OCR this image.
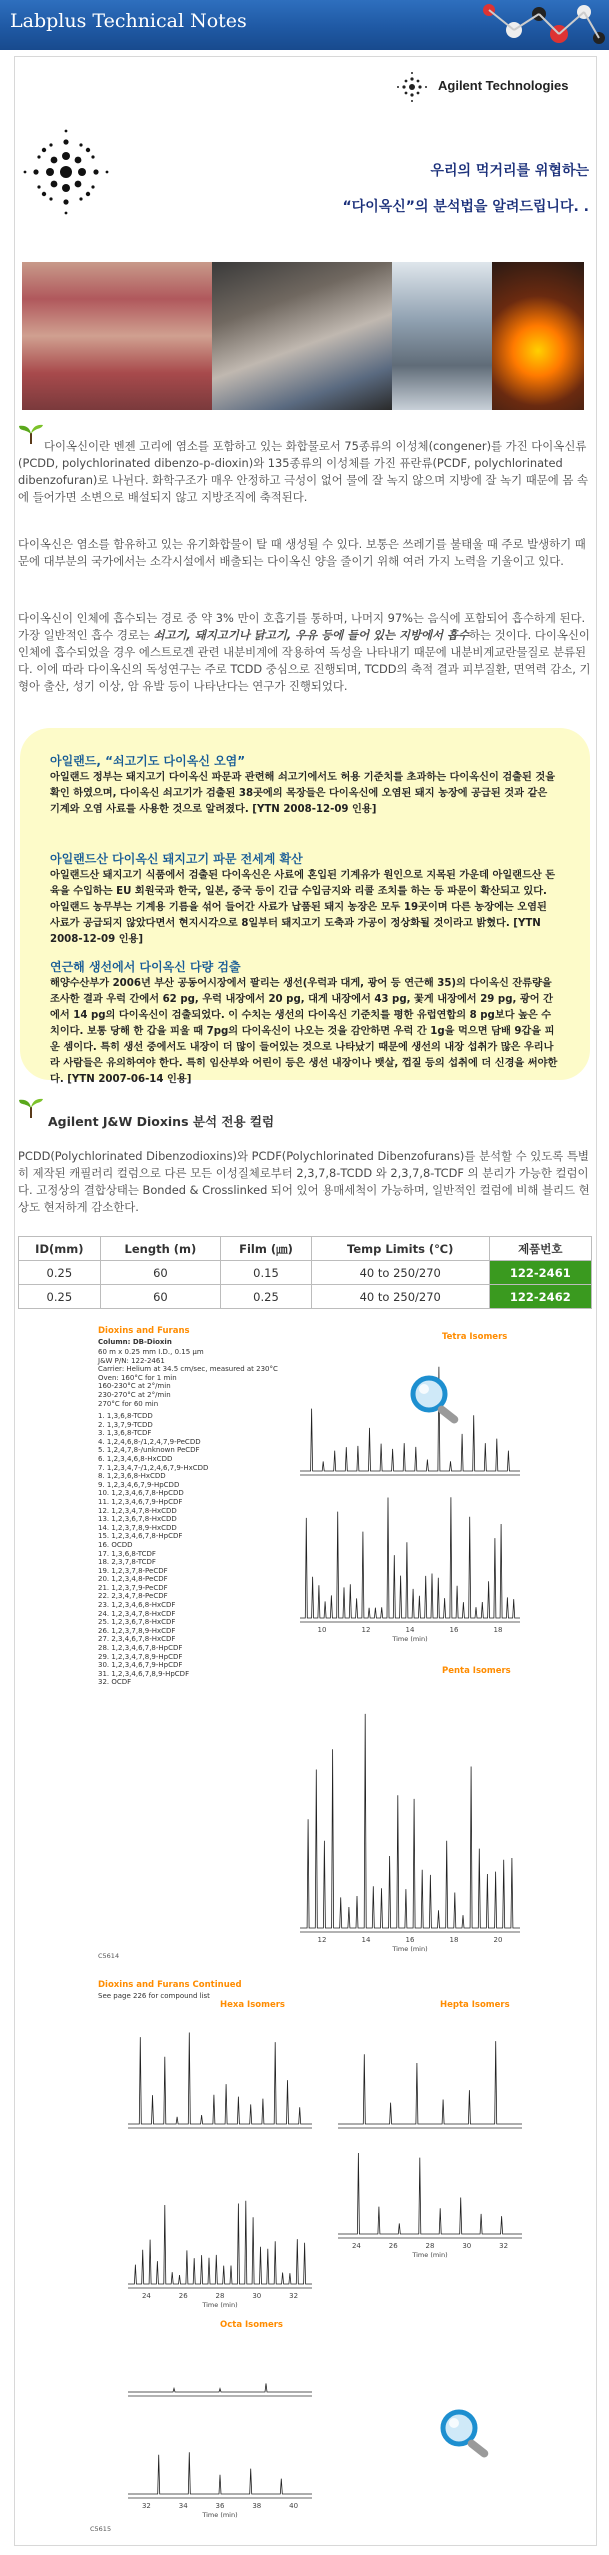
Labplus Technical Notes
Agilent Technologies
우리의 먹거리를 위협하는
“다이옥신”의 분석법을 알려드립니다. .
다이옥신이란 벤젠 고리에 염소를 포함하고 있는 화합물로서 75종류의 이성체(congener)를 가진 다이옥신류(PCDD, polychlorinated dibenzo-p-dioxin)와 135종류의 이성체를 가진 퓨란류(PCDF, polychlorinated dibenzofuran)로 나뉜다. 화학구조가 매우 안정하고 극성이 없어 물에 잘 녹지 않으며 지방에 잘 녹기 때문에 몸 속에 들어가면 소변으로 배설되지 않고 지방조직에 축적된다.
다이옥신은 염소를 함유하고 있는 유기화합물이 탈 때 생성될 수 있다. 보통은 쓰레기를 불태울 때 주로 발생하기 때문에 대부분의 국가에서는 소각시설에서 배출되는 다이옥신 양을 줄이기 위해 여러 가지 노력을 기울이고 있다.
다이옥신이 인체에 흡수되는 경로 중 약 3% 만이 호흡기를 통하며, 나머지 97%는 음식에 포함되어 흡수하게 된다. 가장 일반적인 흡수 경로는 쇠고기, 돼지고기나 닭고기, 우유 등에 들어 있는 지방에서 흡수하는 것이다. 다이옥신이 인체에 흡수되었을 경우 에스트로겐 관련 내분비계에 작용하여 독성을 나타내기 때문에 내분비계교란물질로 분류된다. 이에 따라 다이옥신의 독성연구는 주로 TCDD 중심으로 진행되며, TCDD의 축적 결과 피부질환, 면역력 감소, 기형아 출산, 성기 이상, 암 유발 등이 나타난다는 연구가 진행되었다.
아일랜드, “쇠고기도 다이옥신 오염”
아일랜드 정부는 돼지고기 다이옥신 파문과 관련해 쇠고기에서도 허용 기준치를 초과하는 다이옥신이 검출된 것을 확인 하였으며, 다이옥신 쇠고기가 검출된 38곳에의 목장들은 다이옥신에 오염된 돼지 농장에 공급된 것과 같은 기계와 오염 사료를 사용한 것으로 알려졌다. [YTN 2008-12-09 인용]
아일랜드산 다이옥신 돼지고기 파문 전세계 확산
아일랜드산 돼지고기 식품에서 검출된 다이옥신은 사료에 혼입된 기계유가 원인으로 지목된 가운데 아일랜드산 돈육을 수입하는 EU 회원국과 한국, 일본, 중국 등이 긴급 수입금지와 리콜 조치를 하는 등 파문이 확산되고 있다. 아일랜드 농무부는 기계용 기름을 섞어 들어간 사료가 납품된 돼지 농장은 모두 19곳이며 다른 농장에는 오염된 사료가 공급되지 않았다면서 현지시각으로 8일부터 돼지고기 도축과 가공이 정상화될 것이라고 밝혔다. [YTN 2008-12-09 인용]
연근해 생선에서 다이옥신 다량 검출
해양수산부가 2006년 부산 공동어시장에서 팔리는 생선(우럭과 대게, 광어 등 연근해 35)의 다이옥신 잔류량을 조사한 결과 우럭 간에서 62 pg, 우럭 내장에서 20 pg, 대게 내장에서 43 pg, 꽃게 내장에서 29 pg, 광어 간에서 14 pg의 다이옥신이 검출되었다. 이 수치는 생선의 다이옥신 기준치를 평한 유럽연합의 8 pg보다 높은 수치이다. 보통 당해 한 갑을 피울 때 7pg의 다이옥신이 나오는 것을 감안하면 우럭 간 1g을 먹으면 담배 9갑을 피운 셈이다. 특히 생선 중에서도 내장이 더 많이 들어있는 것으로 나타났기 때문에 생선의 내장 섭취가 많은 우리나라 사람들은 유의하여야 한다. 특히 임산부와 어린이 등은 생선 내장이나 뱃살, 껍질 등의 섭취에 더 신경을 써야한다. [YTN 2007-06-14 인용]
Agilent J&W Dioxins 분석 전용 컬럼
PCDD(Polychlorinated Dibenzodioxins)와 PCDF(Polychlorinated Dibenzofurans)를 분석할 수 있도록 특별히 제작된 캐필러리 컬럼으로 다른 모든 이성질체로부터 2,3,7,8-TCDD 와 2,3,7,8-TCDF 의 분리가 가능한 컬럼이다. 고정상의 결합상태는 Bonded & Crosslinked 되어 있어 용매세척이 가능하며, 일반적인 컬럼에 비해 블리드 현상도 현저하게 감소한다.
ID(mm)	Length (m)	Film (㎛)	Temp Limits (℃)	제품번호
0.25	60	0.15	40 to 250/270	122-2461
0.25	60	0.25	40 to 250/270	122-2462
Dioxins and Furans
Column: DB-Dioxin
60 m x 0.25 mm I.D., 0.15 μm
J&W P/N: 122-2461
Carrier: Helium at 34.5 cm/sec, measured at 230°C
Oven: 160°C for 1 min
160-230°C at 2°/min
230-270°C at 2°/min
270°C for 60 min
1. 1,3,6,8-TCDD
2. 1,3,7,9-TCDD
3. 1,3,6,8-TCDF
4. 1,2,4,6,8-/1,2,4,7,9-PeCDD
5. 1,2,4,7,8-/unknown PeCDF
6. 1,2,3,4,6,8-HxCDD
7. 1,2,3,4,7-/1,2,4,6,7,9-HxCDD
8. 1,2,3,6,8-HxCDD
9. 1,2,3,4,6,7,9-HpCDD
10. 1,2,3,4,6,7,8-HpCDD
11. 1,2,3,4,6,7,9-HpCDF
12. 1,2,3,4,7,8-HxCDD
13. 1,2,3,6,7,8-HxCDD
14. 1,2,3,7,8,9-HxCDD
15. 1,2,3,4,6,7,8-HpCDF
16. OCDD
17. 1,3,6,8-TCDF
18. 2,3,7,8-TCDF
19. 1,2,3,7,8-PeCDF
20. 1,2,3,4,8-PeCDF
21. 1,2,3,7,9-PeCDF
22. 2,3,4,7,8-PeCDF
23. 1,2,3,4,6,8-HxCDF
24. 1,2,3,4,7,8-HxCDF
25. 1,2,3,6,7,8-HxCDF
26. 1,2,3,7,8,9-HxCDF
27. 2,3,4,6,7,8-HxCDF
28. 1,2,3,4,6,7,8-HpCDF
29. 1,2,3,4,7,8,9-HpCDF
30. 1,2,3,4,6,7,9-HpCDF
31. 1,2,3,4,6,7,8,9-HpCDF
32. OCDF
Tetra Isomers
10	12	14	16	18
Time (min)
Penta Isomers
12	14	16	18	20
Time (min)
C5614
Dioxins and Furans Continued
See page 226 for compound list
Hexa Isomers
24	26	28	30	32
Time (min)
Hepta Isomers
24	26	28	30	32
Time (min)
Octa Isomers
32	34	36	38	40
Time (min)
C5615
